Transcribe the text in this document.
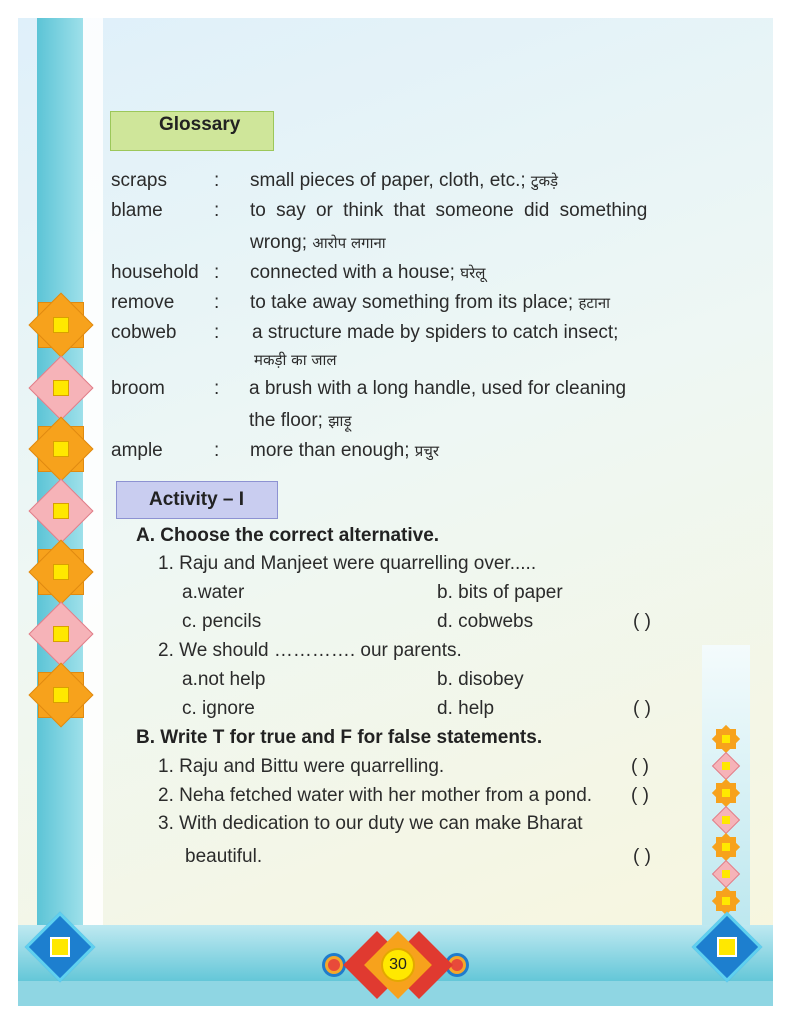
Glossary
scraps : small pieces of paper, cloth, etc.; टुकड़े
blame	: to say or think that someone did something
wrong; आरोप लगाना
household : connected with a house; घरेलू
remove : to take away something from its place; हटाना
cobweb : a structure made by spiders to catch insect;
मकड़ी का जाल
broom	: a brush with a long handle, used for cleaning
the floor; झाड़ू
ample	: more than enough; प्रचुर
Activity – I
A. Choose the correct alternative.
1. Raju and Manjeet were quarrelling over.....
a.water	b. bits of paper
c. pencils	d. cobwebs	( )
2. We should …………. our parents.
a.not help	b. disobey
c. ignore	d. help	( )
B. Write T for true and F for false statements.
1. Raju and Bittu were quarrelling.	( )
2. Neha fetched water with her mother from a pond. ( )
3. With dedication to our duty we can make Bharat
beautiful.	( )
30
